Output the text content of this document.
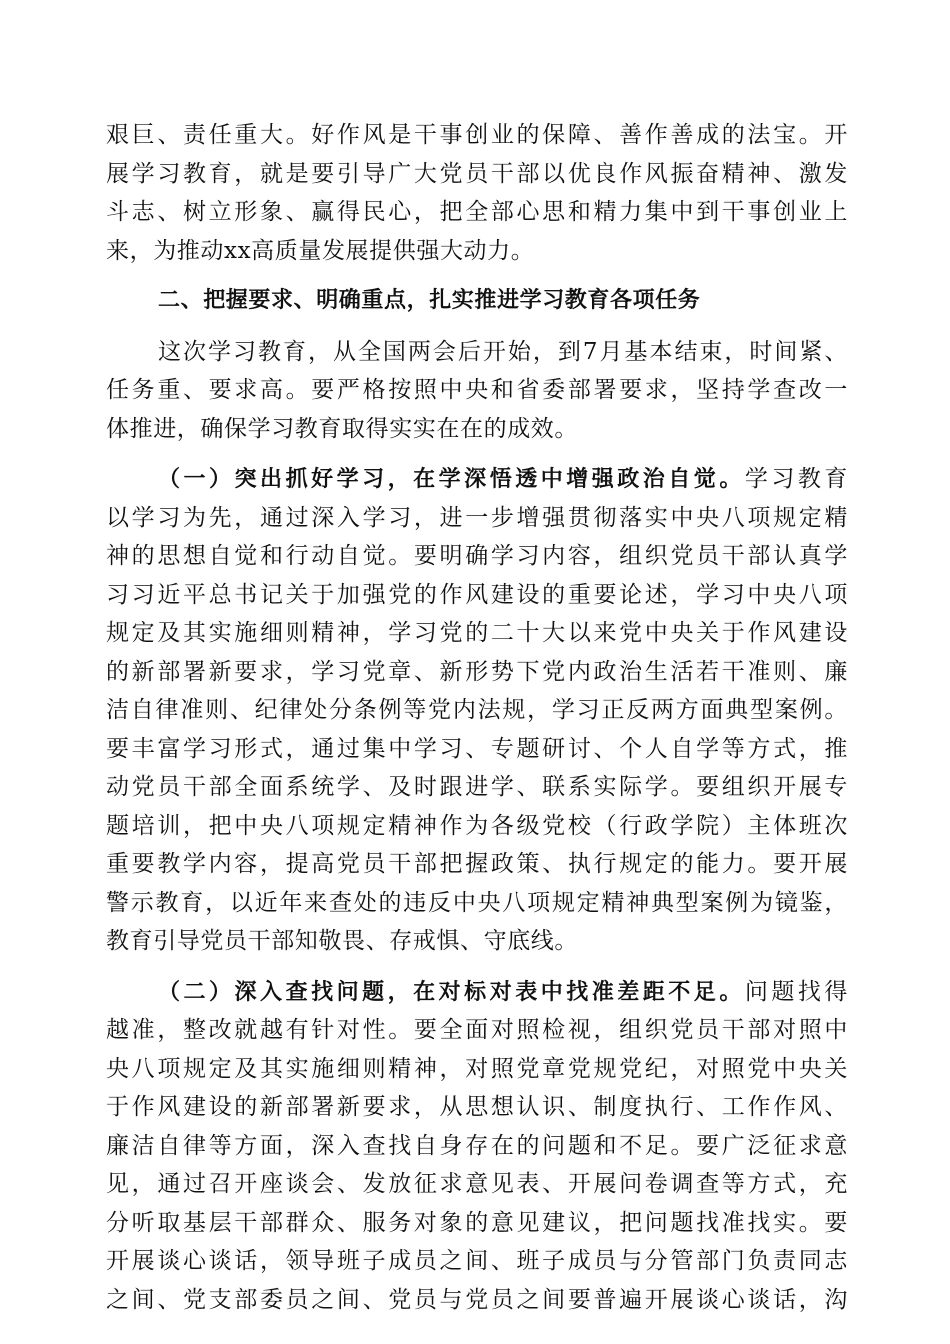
艰巨、责任重大。好作风是干事创业的保障、善作善成的法宝。开
展学习教育，就是要引导广大党员干部以优良作风振奋精神、激发
斗志、树立形象、赢得民心，把全部心思和精力集中到干事创业上
来，为推动xx高质量发展提供强大动力。
二、把握要求、明确重点，扎实推进学习教育各项任务
这次学习教育，从全国两会后开始，到7月基本结束，时间紧、
任务重、要求高。要严格按照中央和省委部署要求，坚持学查改一
体推进，确保学习教育取得实实在在的成效。
（一）突出抓好学习，在学深悟透中增强政治自觉。学习教育
以学习为先，通过深入学习，进一步增强贯彻落实中央八项规定精
神的思想自觉和行动自觉。要明确学习内容，组织党员干部认真学
习习近平总书记关于加强党的作风建设的重要论述，学习中央八项
规定及其实施细则精神，学习党的二十大以来党中央关于作风建设
的新部署新要求，学习党章、新形势下党内政治生活若干准则、廉
洁自律准则、纪律处分条例等党内法规，学习正反两方面典型案例。
要丰富学习形式，通过集中学习、专题研讨、个人自学等方式，推
动党员干部全面系统学、及时跟进学、联系实际学。要组织开展专
题培训，把中央八项规定精神作为各级党校（行政学院）主体班次
重要教学内容，提高党员干部把握政策、执行规定的能力。要开展
警示教育，以近年来查处的违反中央八项规定精神典型案例为镜鉴，
教育引导党员干部知敬畏、存戒惧、守底线。
（二）深入查找问题，在对标对表中找准差距不足。问题找得
越准，整改就越有针对性。要全面对照检视，组织党员干部对照中
央八项规定及其实施细则精神，对照党章党规党纪，对照党中央关
于作风建设的新部署新要求，从思想认识、制度执行、工作作风、
廉洁自律等方面，深入查找自身存在的问题和不足。要广泛征求意
见，通过召开座谈会、发放征求意见表、开展问卷调查等方式，充
分听取基层干部群众、服务对象的意见建议，把问题找准找实。要
开展谈心谈话，领导班子成员之间、班子成员与分管部门负责同志
之间、党支部委员之间、党员与党员之间要普遍开展谈心谈话，沟
